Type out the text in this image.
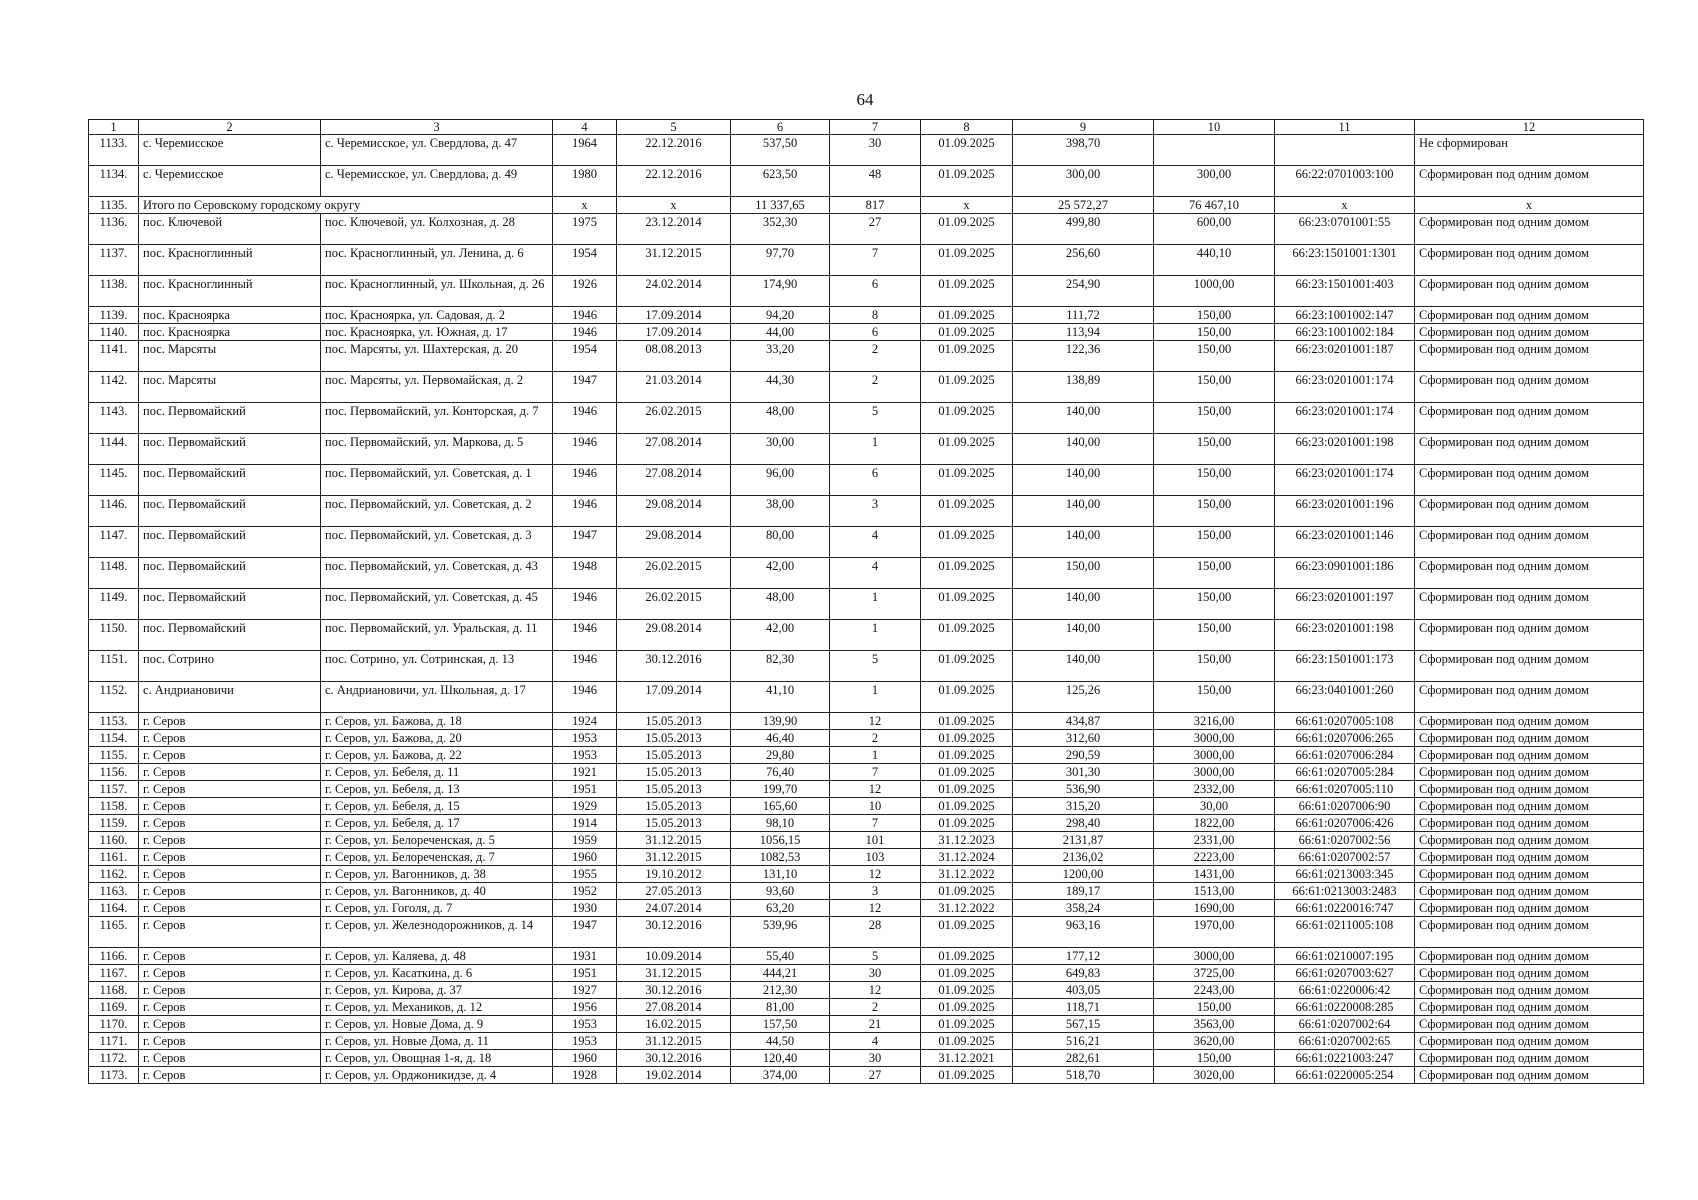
64
1	2	3	4	5	6	7	8	9	10	11	12
1133.	с. Черемисское	с. Черемисское, ул. Свердлова, д. 47	1964	22.12.2016	537,50	30	01.09.2025	398,70			Не сформирован
1134.	с. Черемисское	с. Черемисское, ул. Свердлова, д. 49	1980	22.12.2016	623,50	48	01.09.2025	300,00	300,00	66:22:0701003:100	Сформирован под одним домом
1135.	Итого по Серовскому городскому округу		х	х	11 337,65	817	х	25 572,27	76 467,10	х	х
1136.	пос. Ключевой	пос. Ключевой, ул. Колхозная, д. 28	1975	23.12.2014	352,30	27	01.09.2025	499,80	600,00	66:23:0701001:55	Сформирован под одним домом
1137.	пос. Красноглинный	пос. Красноглинный, ул. Ленина, д. 6	1954	31.12.2015	97,70	7	01.09.2025	256,60	440,10	66:23:1501001:1301	Сформирован под одним домом
1138.	пос. Красноглинный	пос. Красноглинный, ул. Школьная, д. 26	1926	24.02.2014	174,90	6	01.09.2025	254,90	1000,00	66:23:1501001:403	Сформирован под одним домом
1139.	пос. Красноярка	пос. Красноярка, ул. Садовая, д. 2	1946	17.09.2014	94,20	8	01.09.2025	111,72	150,00	66:23:1001002:147	Сформирован под одним домом
1140.	пос. Краснoярка	пос. Краснoярка, ул. Южная, д. 17	1946	17.09.2014	44,00	6	01.09.2025	113,94	150,00	66:23:1001002:184	Сформирован под одним домом
1141.	пос. Марсяты	пос. Марсяты, ул. Шахтерская, д. 20	1954	08.08.2013	33,20	2	01.09.2025	122,36	150,00	66:23:0201001:187	Сформирован под одним домом
1142.	пос. Марсяты	пос. Марсяты, ул. Первомайская, д. 2	1947	21.03.2014	44,30	2	01.09.2025	138,89	150,00	66:23:0201001:174	Сформирован под одним домом
1143.	пос. Первомайский	пос. Первомайский, ул. Конторская, д. 7	1946	26.02.2015	48,00	5	01.09.2025	140,00	150,00	66:23:0201001:174	Сформирован под одним домом
1144.	пос. Первомайский	пос. Первомайский, ул. Маркова, д. 5	1946	27.08.2014	30,00	1	01.09.2025	140,00	150,00	66:23:0201001:198	Сформирован под одним домом
1145.	пос. Первомайский	пос. Первомайский, ул. Советская, д. 1	1946	27.08.2014	96,00	6	01.09.2025	140,00	150,00	66:23:0201001:174	Сформирован под одним домом
1146.	пос. Первомайский	пос. Первомайский, ул. Советская, д. 2	1946	29.08.2014	38,00	3	01.09.2025	140,00	150,00	66:23:0201001:196	Сформирован под одним домом
1147.	пос. Первомайский	пос. Первомайский, ул. Советская, д. 3	1947	29.08.2014	80,00	4	01.09.2025	140,00	150,00	66:23:0201001:146	Сформирован под одним домом
1148.	пос. Первомайский	пос. Первомайский, ул. Советская, д. 43	1948	26.02.2015	42,00	4	01.09.2025	150,00	150,00	66:23:0901001:186	Сформирован под одним домом
1149.	пос. Первомайский	пос. Первомайский, ул. Советская, д. 45	1946	26.02.2015	48,00	1	01.09.2025	140,00	150,00	66:23:0201001:197	Сформирован под одним домом
1150.	пос. Первомайский	пос. Первомайский, ул. Уральская, д. 11	1946	29.08.2014	42,00	1	01.09.2025	140,00	150,00	66:23:0201001:198	Сформирован под одним домом
1151.	пос. Сотрино	пос. Сотрино, ул. Сотринская, д. 13	1946	30.12.2016	82,30	5	01.09.2025	140,00	150,00	66:23:1501001:173	Сформирован под одним домом
1152.	с. Андриановичи	с. Андриановичи, ул. Школьная, д. 17	1946	17.09.2014	41,10	1	01.09.2025	125,26	150,00	66:23:0401001:260	Сформирован под одним домом
1153.	г. Серов	г. Серов, ул. Бажова, д. 18	1924	15.05.2013	139,90	12	01.09.2025	434,87	3216,00	66:61:0207005:108	Сформирован под одним домом
1154.	г. Серов	г. Серов, ул. Бажова, д. 20	1953	15.05.2013	46,40	2	01.09.2025	312,60	3000,00	66:61:0207006:265	Сформирован под одним домом
1155.	г. Серов	г. Серов, ул. Бажова, д. 22	1953	15.05.2013	29,80	1	01.09.2025	290,59	3000,00	66:61:0207006:284	Сформирован под одним домом
1156.	г. Серов	г. Серов, ул. Бебеля, д. 11	1921	15.05.2013	76,40	7	01.09.2025	301,30	3000,00	66:61:0207005:284	Сформирован под одним домом
1157.	г. Серов	г. Серов, ул. Бебеля, д. 13	1951	15.05.2013	199,70	12	01.09.2025	536,90	2332,00	66:61:0207005:110	Сформирован под одним домом
1158.	г. Серов	г. Серов, ул. Бебеля, д. 15	1929	15.05.2013	165,60	10	01.09.2025	315,20	30,00	66:61:0207006:90	Сформирован под одним домом
1159.	г. Серов	г. Серов, ул. Бебеля, д. 17	1914	15.05.2013	98,10	7	01.09.2025	298,40	1822,00	66:61:0207006:426	Сформирован под одним домом
1160.	г. Серов	г. Серов, ул. Белореченская, д. 5	1959	31.12.2015	1056,15	101	31.12.2023	2131,87	2331,00	66:61:0207002:56	Сформирован под одним домом
1161.	г. Серов	г. Серов, ул. Белореченская, д. 7	1960	31.12.2015	1082,53	103	31.12.2024	2136,02	2223,00	66:61:0207002:57	Сформирован под одним домом
1162.	г. Серов	г. Серов, ул. Вагонников, д. 38	1955	19.10.2012	131,10	12	31.12.2022	1200,00	1431,00	66:61:0213003:345	Сформирован под одним домом
1163.	г. Серов	г. Серов, ул. Вагонников, д. 40	1952	27.05.2013	93,60	3	01.09.2025	189,17	1513,00	66:61:0213003:2483	Сформирован под одним домом
1164.	г. Серов	г. Серов, ул. Гоголя, д. 7	1930	24.07.2014	63,20	12	31.12.2022	358,24	1690,00	66:61:0220016:747	Сформирован под одним домом
1165.	г. Серов	г. Серов, ул. Железнодорожников, д. 14	1947	30.12.2016	539,96	28	01.09.2025	963,16	1970,00	66:61:0211005:108	Сформирован под одним домом
1166.	г. Серов	г. Серов, ул. Каляева, д. 48	1931	10.09.2014	55,40	5	01.09.2025	177,12	3000,00	66:61:0210007:195	Сформирован под одним домом
1167.	г. Серов	г. Серов, ул. Касаткина, д. 6	1951	31.12.2015	444,21	30	01.09.2025	649,83	3725,00	66:61:0207003:627	Сформирован под одним домом
1168.	г. Серов	г. Серов, ул. Кирова, д. 37	1927	30.12.2016	212,30	12	01.09.2025	403,05	2243,00	66:61:0220006:42	Сформирован под одним домом
1169.	г. Серов	г. Серов, ул. Механиков, д. 12	1956	27.08.2014	81,00	2	01.09.2025	118,71	150,00	66:61:0220008:285	Сформирован под одним домом
1170.	г. Серов	г. Серов, ул. Новые Дома, д. 9	1953	16.02.2015	157,50	21	01.09.2025	567,15	3563,00	66:61:0207002:64	Сформирован под одним домом
1171.	г. Серов	г. Серов, ул. Новые Дома, д. 11	1953	31.12.2015	44,50	4	01.09.2025	516,21	3620,00	66:61:0207002:65	Сформирован под одним домом
1172.	г. Серов	г. Серов, ул. Овощная 1-я, д. 18	1960	30.12.2016	120,40	30	31.12.2021	282,61	150,00	66:61:0221003:247	Сформирован под одним домом
1173.	г. Серов	г. Серов, ул. Орджоникидзе, д. 4	1928	19.02.2014	374,00	27	01.09.2025	518,70	3020,00	66:61:0220005:254	Сформирован под одним домом
